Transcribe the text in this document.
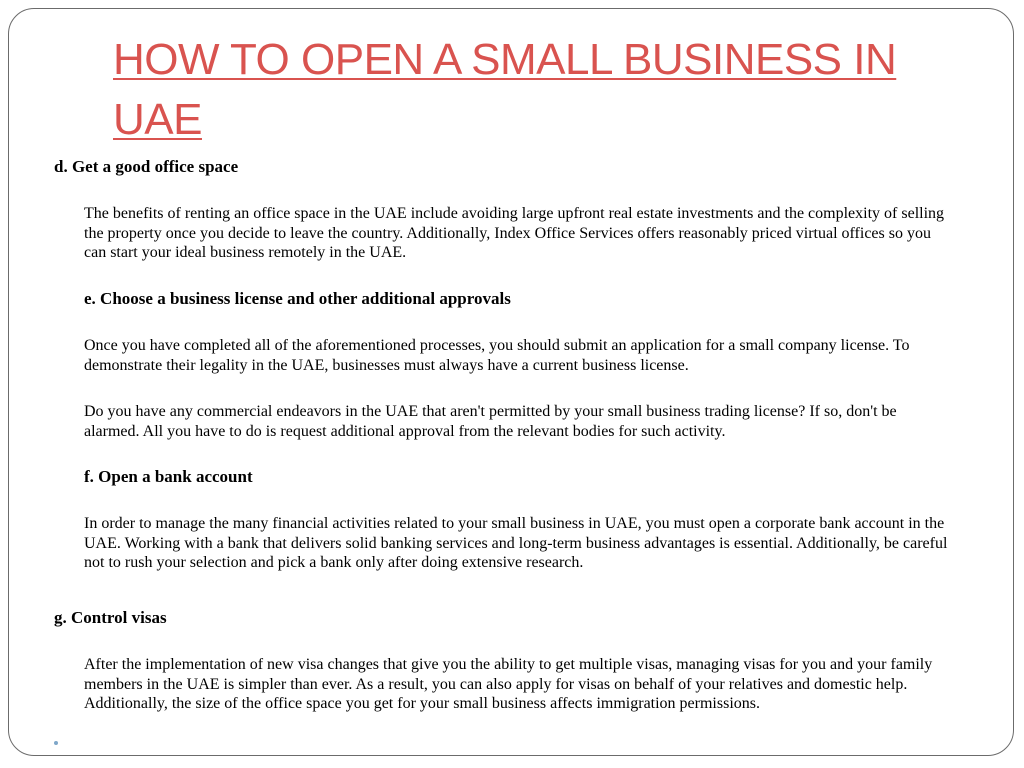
HOW TO OPEN A SMALL BUSINESS IN UAE

d. Get a good office space

The benefits of renting an office space in the UAE include avoiding large upfront real estate investments and the complexity of selling the property once you decide to leave the country. Additionally, Index Office Services offers reasonably priced virtual offices so you can start your ideal business remotely in the UAE.

e. Choose a business license and other additional approvals

Once you have completed all of the aforementioned processes, you should submit an application for a small company license. To demonstrate their legality in the UAE, businesses must always have a current business license.

Do you have any commercial endeavors in the UAE that aren't permitted by your small business trading license? If so, don't be alarmed. All you have to do is request additional approval from the relevant bodies for such activity.

f. Open a bank account

In order to manage the many financial activities related to your small business in UAE, you must open a corporate bank account in the UAE. Working with a bank that delivers solid banking services and long-term business advantages is essential. Additionally, be careful not to rush your selection and pick a bank only after doing extensive research.

g. Control visas

After the implementation of new visa changes that give you the ability to get multiple visas, managing visas for you and your family members in the UAE is simpler than ever. As a result, you can also apply for visas on behalf of your relatives and domestic help. Additionally, the size of the office space you get for your small business affects immigration permissions.
